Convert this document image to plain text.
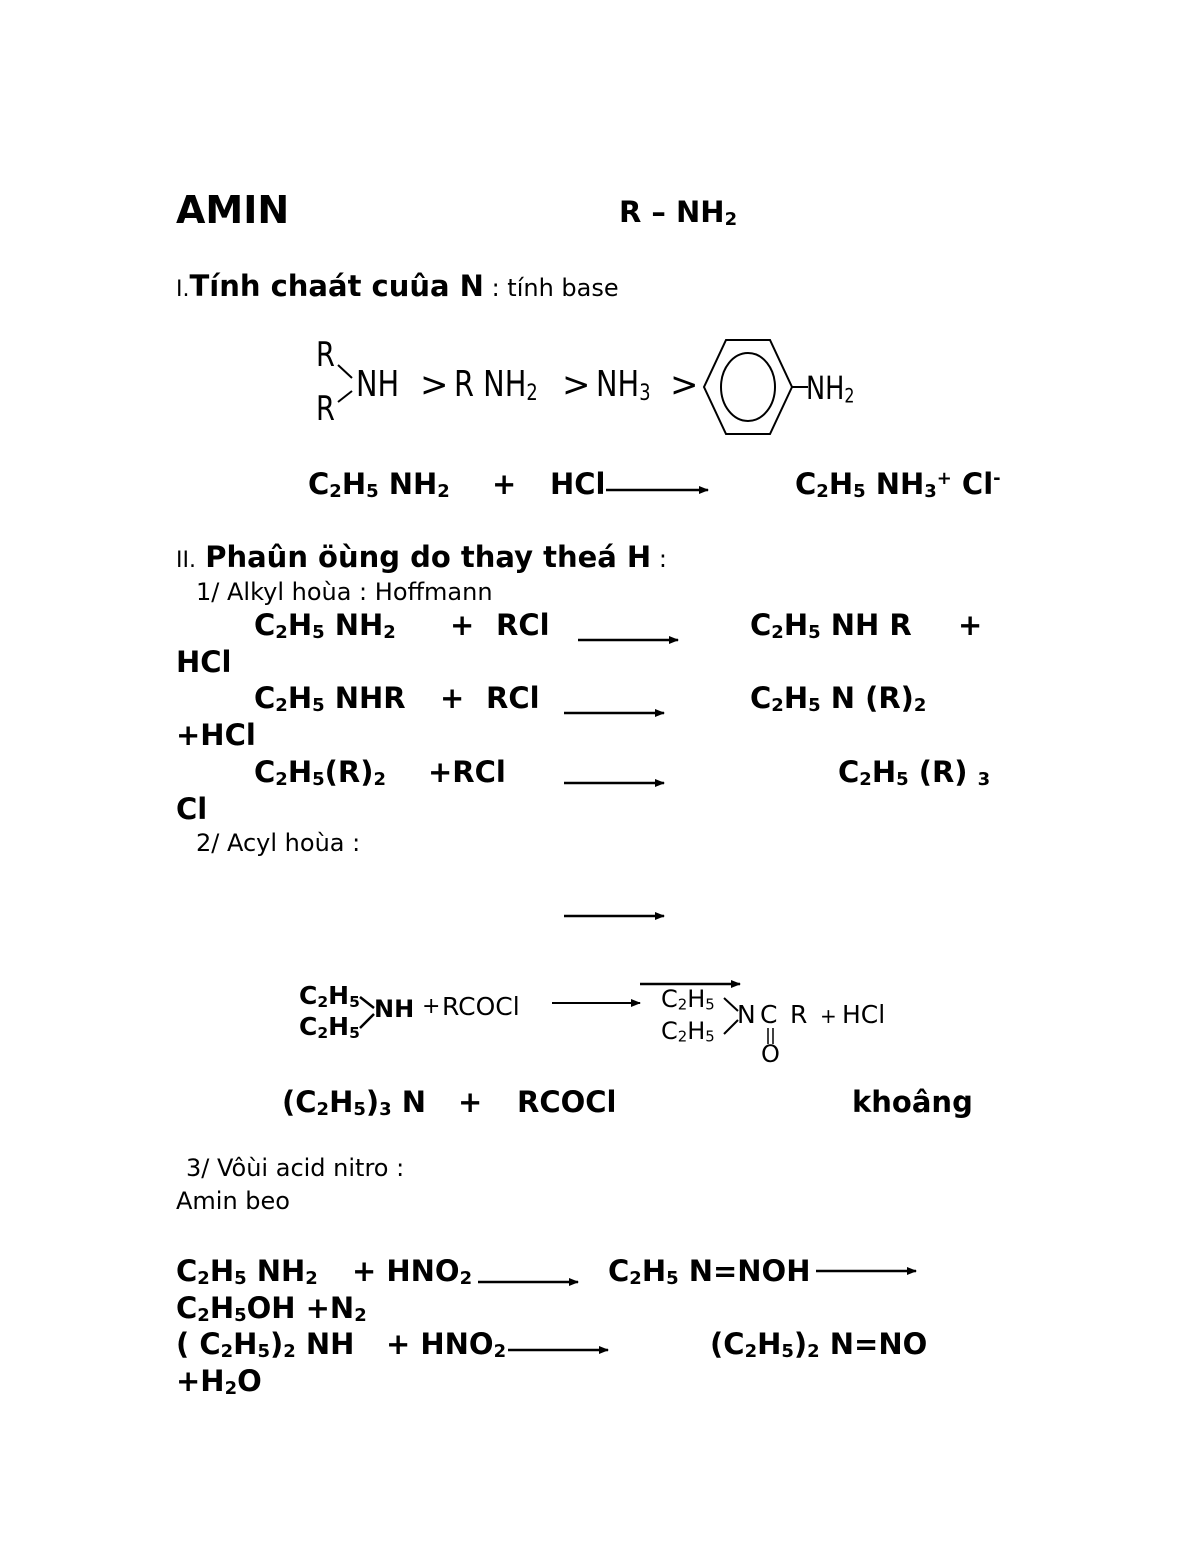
AMIN	R – NH2
I.Tính chaát cuûa N : tính base
R
R
NH > R NH2 > NH3 >	NH2
C2H5 NH2 + HCl	C2H5 NH3+ Cl-
II. Phaûn öùng do thay theá H :
1/ Alkyl hoùa : Hoffmann
C2H5 NH2 + RCl	C2H5 NH R +
HCl
C2H5 NHR + RCl	C2H5 N (R)2
+HCl
C2H5(R)2 +RCl	C2H5 (R) 3
Cl
2/ Acyl hoùa :
C2H5
C2H5
NH + RCOCl	C2H5
C2H5
N C R + HCl
O
(C2H5)3 N + RCOCl	khoâng
3/ Vôùi acid nitro :
Amin beo
C2H5 NH2 + HNO2	C2H5 N=NOH
C2H5OH +N2
( C2H5)2 NH + HNO2	(C2H5)2 N=NO
+H2O
